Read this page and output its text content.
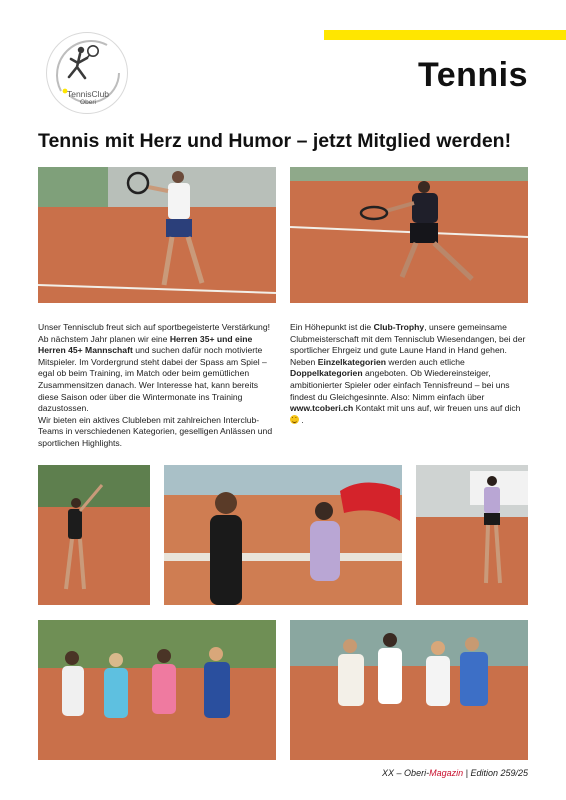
TennisClub
Oberi
Tennis
Tennis mit Herz und Humor – jetzt Mitglied werden!

Unser Tennisclub freut sich auf sportbegeisterte Verstärkung! Ab nächstem Jahr planen wir eine Herren 35+ und eine Herren 45+ Mannschaft und suchen dafür noch motivierte Mitspieler. Im Vordergrund steht dabei der Spass am Spiel – egal ob beim Training, im Match oder beim gemütlichen Zusammensitzen danach. Wer Interesse hat, kann bereits diese Saison oder über die Wintermonate ins Training dazustossen.

Wir bieten ein aktives Clubleben mit zahlreichen Interclub-Teams in verschiedenen Kategorien, geselligen Anlässen und sportlichen Highlights.

Ein Höhepunkt ist die Club-Trophy, unsere gemeinsame Clubmeisterschaft mit dem Tennisclub Wiesendangen, bei der sportlicher Ehrgeiz und gute Laune Hand in Hand gehen. Neben Einzelkategorien werden auch etliche Doppelkategorien angeboten. Ob Wiedereinsteiger, ambitionierter Spieler oder einfach Tennisfreund – bei uns findest du Gleichgesinnte. Also: Nimm einfach über www.tcoberi.ch Kontakt mit uns auf, wir freuen uns auf dich  .

XX – Oberi-Magazin | Edition 259/25
